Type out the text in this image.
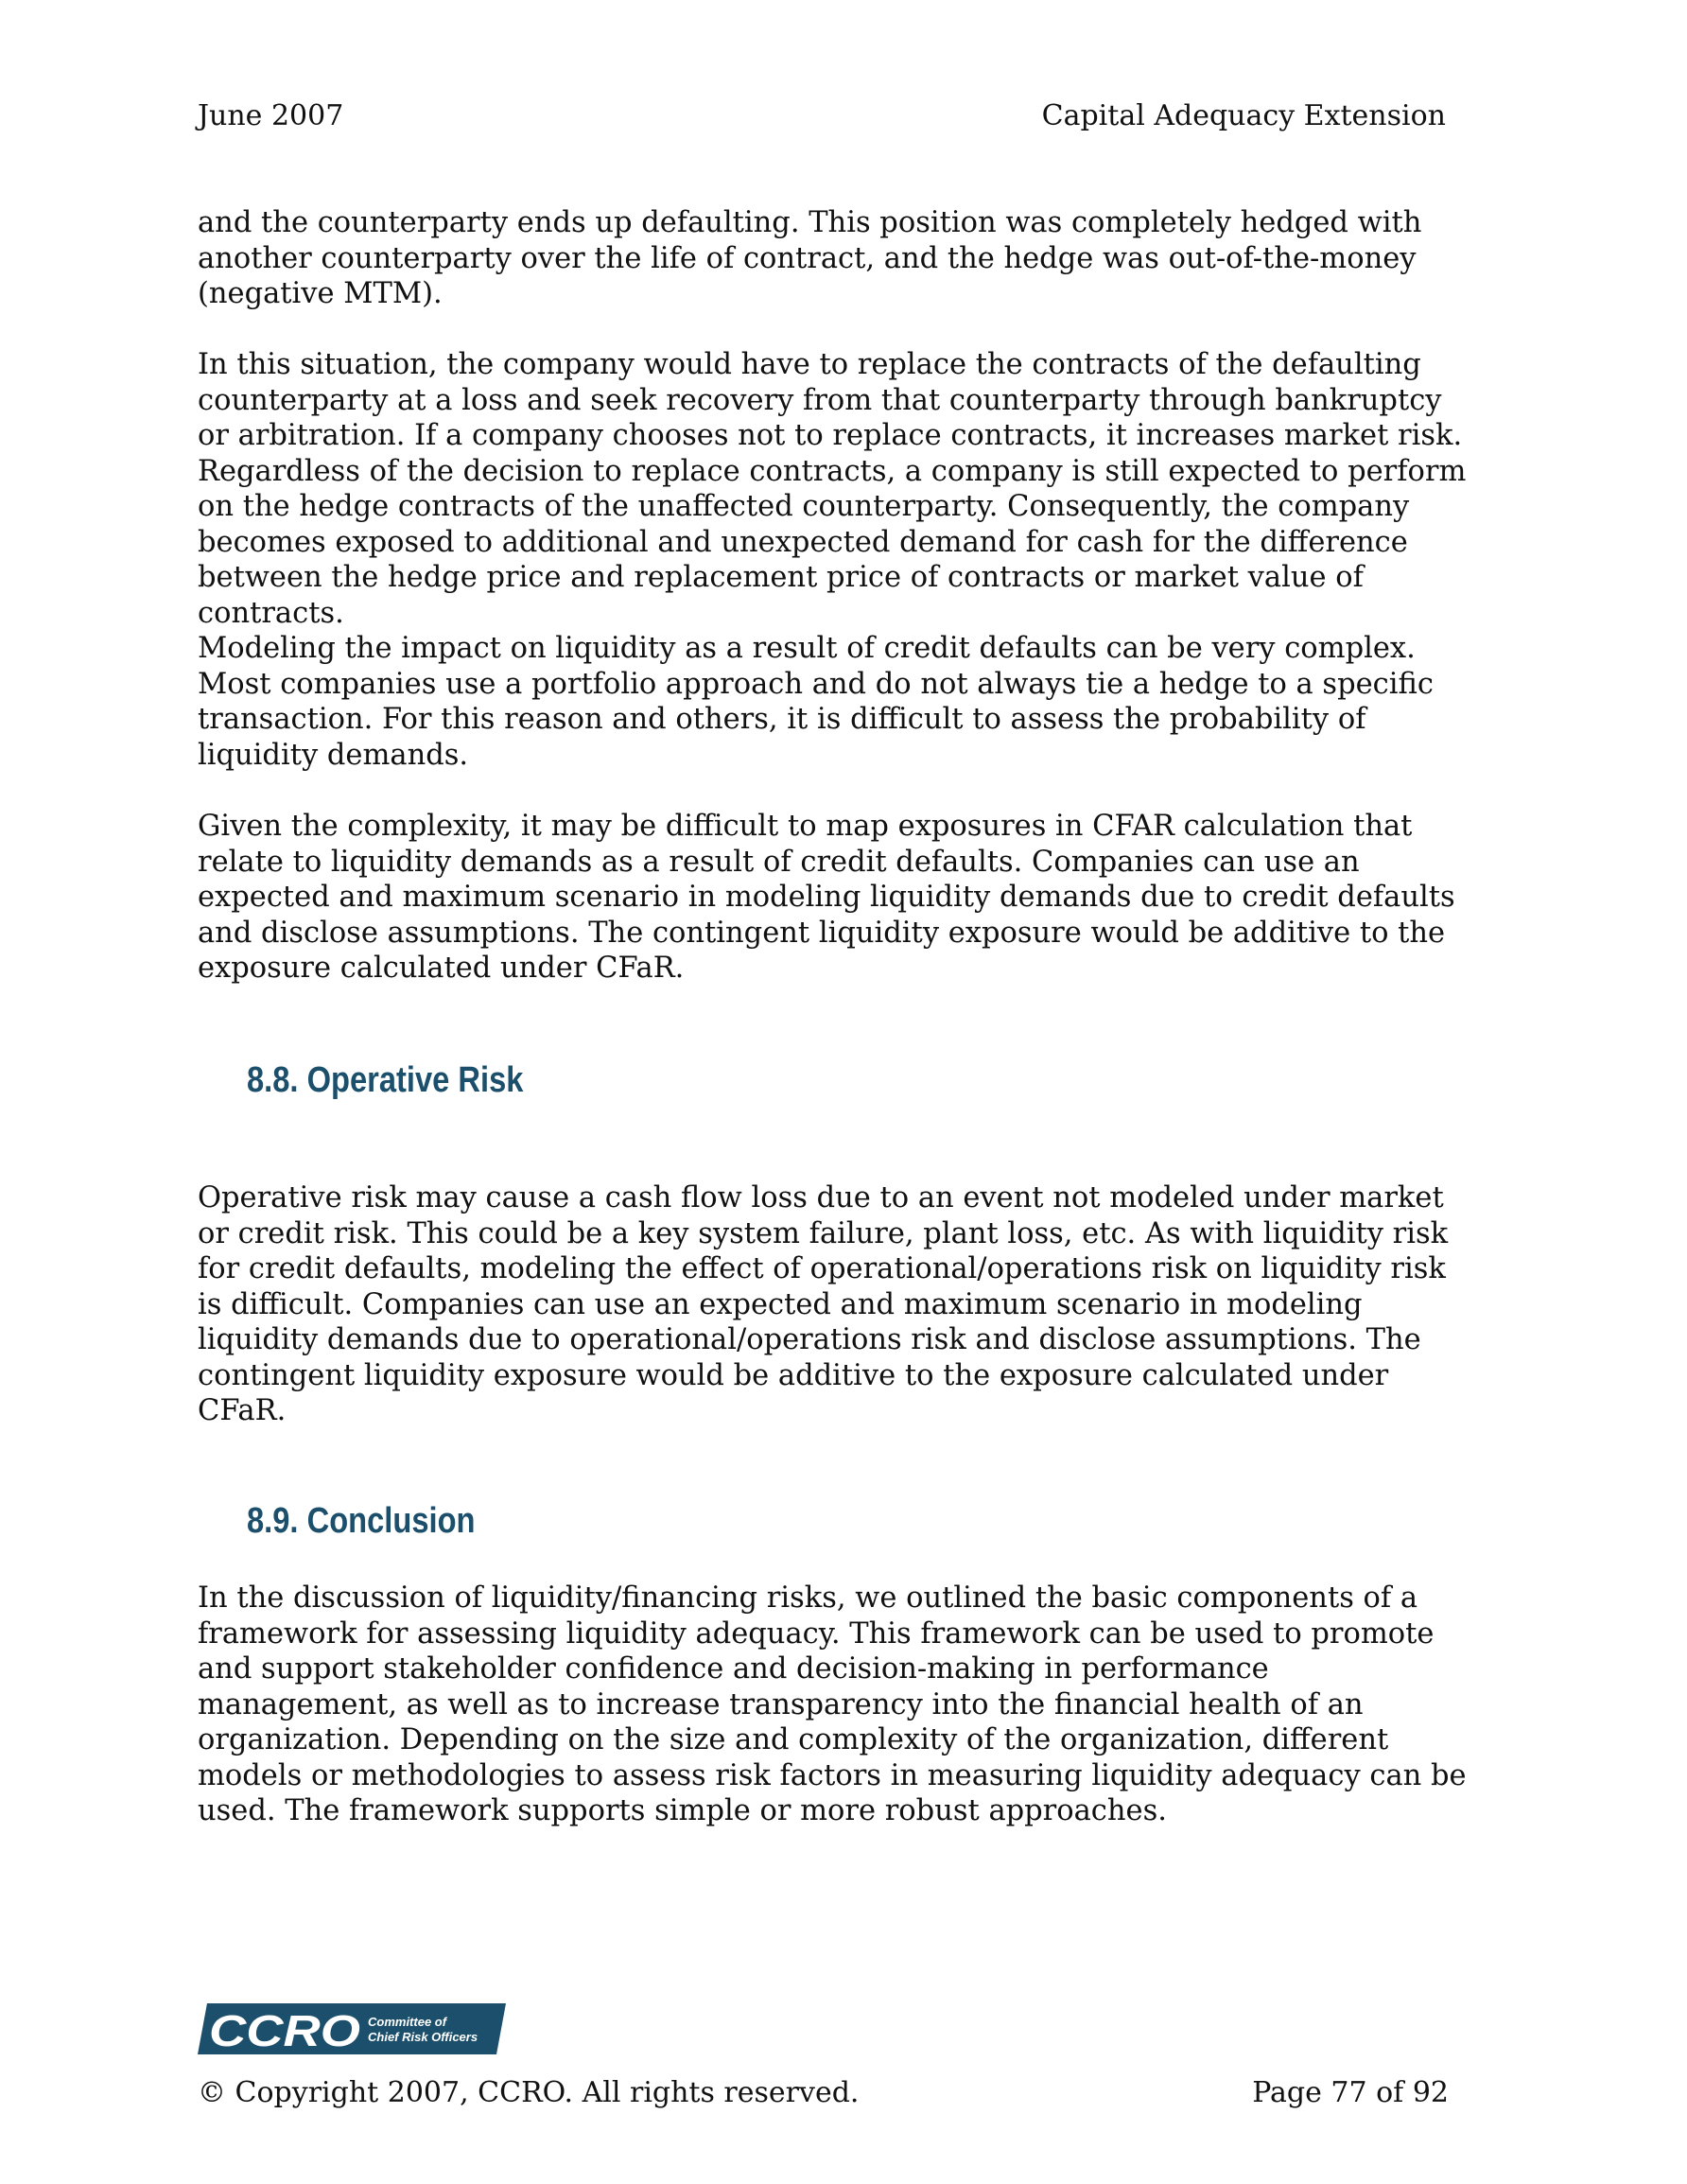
June 2007	Capital Adequacy Extension
and the counterparty ends up defaulting. This position was completely hedged with
another counterparty over the life of contract, and the hedge was out-of-the-money
(negative MTM).
In this situation, the company would have to replace the contracts of the defaulting
counterparty at a loss and seek recovery from that counterparty through bankruptcy
or arbitration. If a company chooses not to replace contracts, it increases market risk.
Regardless of the decision to replace contracts, a company is still expected to perform
on the hedge contracts of the unaffected counterparty. Consequently, the company
becomes exposed to additional and unexpected demand for cash for the difference
between the hedge price and replacement price of contracts or market value of
contracts.
Modeling the impact on liquidity as a result of credit defaults can be very complex.
Most companies use a portfolio approach and do not always tie a hedge to a specific
transaction. For this reason and others, it is difficult to assess the probability of
liquidity demands.
Given the complexity, it may be difficult to map exposures in CFAR calculation that
relate to liquidity demands as a result of credit defaults. Companies can use an
expected and maximum scenario in modeling liquidity demands due to credit defaults
and disclose assumptions. The contingent liquidity exposure would be additive to the
exposure calculated under CFaR.
8.8. Operative Risk
Operative risk may cause a cash flow loss due to an event not modeled under market
or credit risk. This could be a key system failure, plant loss, etc. As with liquidity risk
for credit defaults, modeling the effect of operational/operations risk on liquidity risk
is difficult. Companies can use an expected and maximum scenario in modeling
liquidity demands due to operational/operations risk and disclose assumptions. The
contingent liquidity exposure would be additive to the exposure calculated under
CFaR.
8.9. Conclusion
In the discussion of liquidity/financing risks, we outlined the basic components of a
framework for assessing liquidity adequacy. This framework can be used to promote
and support stakeholder confidence and decision-making in performance
management, as well as to increase transparency into the financial health of an
organization. Depending on the size and complexity of the organization, different
models or methodologies to assess risk factors in measuring liquidity adequacy can be
used. The framework supports simple or more robust approaches.
CCRO Committee of
Chief Risk Officers
© Copyright 2007, CCRO. All rights reserved.	Page 77 of 92
